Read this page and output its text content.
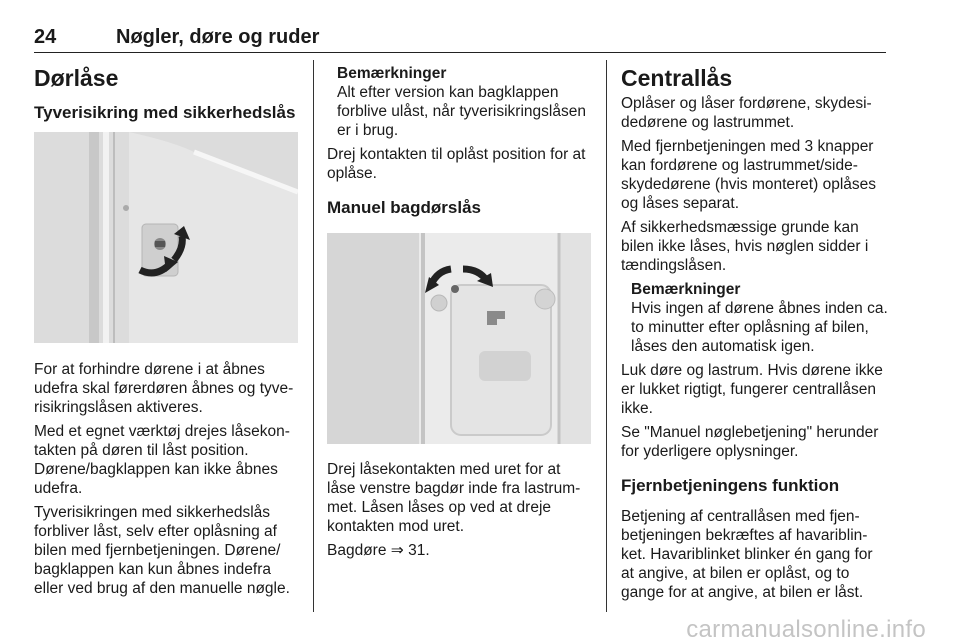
24	Nøgler, døre og ruder
Dørlåse
Tyverisikring med sikkerhedslås

For at forhindre dørene i at åbnes udefra skal førerdøren åbnes og tyve-risikringslåsen aktiveres.

Med et egnet værktøj drejes låsekon-takten på døren til låst position. Dørene/bagklappen kan ikke åbnes udefra.

Tyverisikringen med sikkerhedslås forbliver låst, selv efter oplåsning af bilen med fjernbetjeningen. Dørene/ bagklappen kan kun åbnes indefra eller ved brug af den manuelle nøgle.

Bemærkninger

Alt efter version kan bagklappen forblive ulåst, når tyverisikringslåsen er i brug.

Drej kontakten til oplåst position for at oplåse.

Manuel bagdørslås

Drej låsekontakten med uret for at låse venstre bagdør inde fra lastrum-met. Låsen låses op ved at dreje kontakten mod uret.

Bagdøre ⇒ 31.

Centrallås

Oplåser og låser fordørene, skydesi-dedørene og lastrummet.

Med fjernbetjeningen med 3 knapper kan fordørene og lastrummet/side-skydedørene (hvis monteret) oplåses og låses separat.

Af sikkerhedsmæssige grunde kan bilen ikke låses, hvis nøglen sidder i tændingslåsen.

Bemærkninger

Hvis ingen af dørene åbnes inden ca. to minutter efter oplåsning af bilen, låses den automatisk igen.

Luk døre og lastrum. Hvis dørene ikke er lukket rigtigt, fungerer centrallåsen ikke.

Se "Manuel nøglebetjening" herunder for yderligere oplysninger.

Fjernbetjeningens funktion

Betjening af centrallåsen med fjen-betjeningen bekræftes af havariblin-ket. Havariblinket blinker én gang for at angive, at bilen er oplåst, og to gange for at angive, at bilen er låst.

carmanualsonline.info
